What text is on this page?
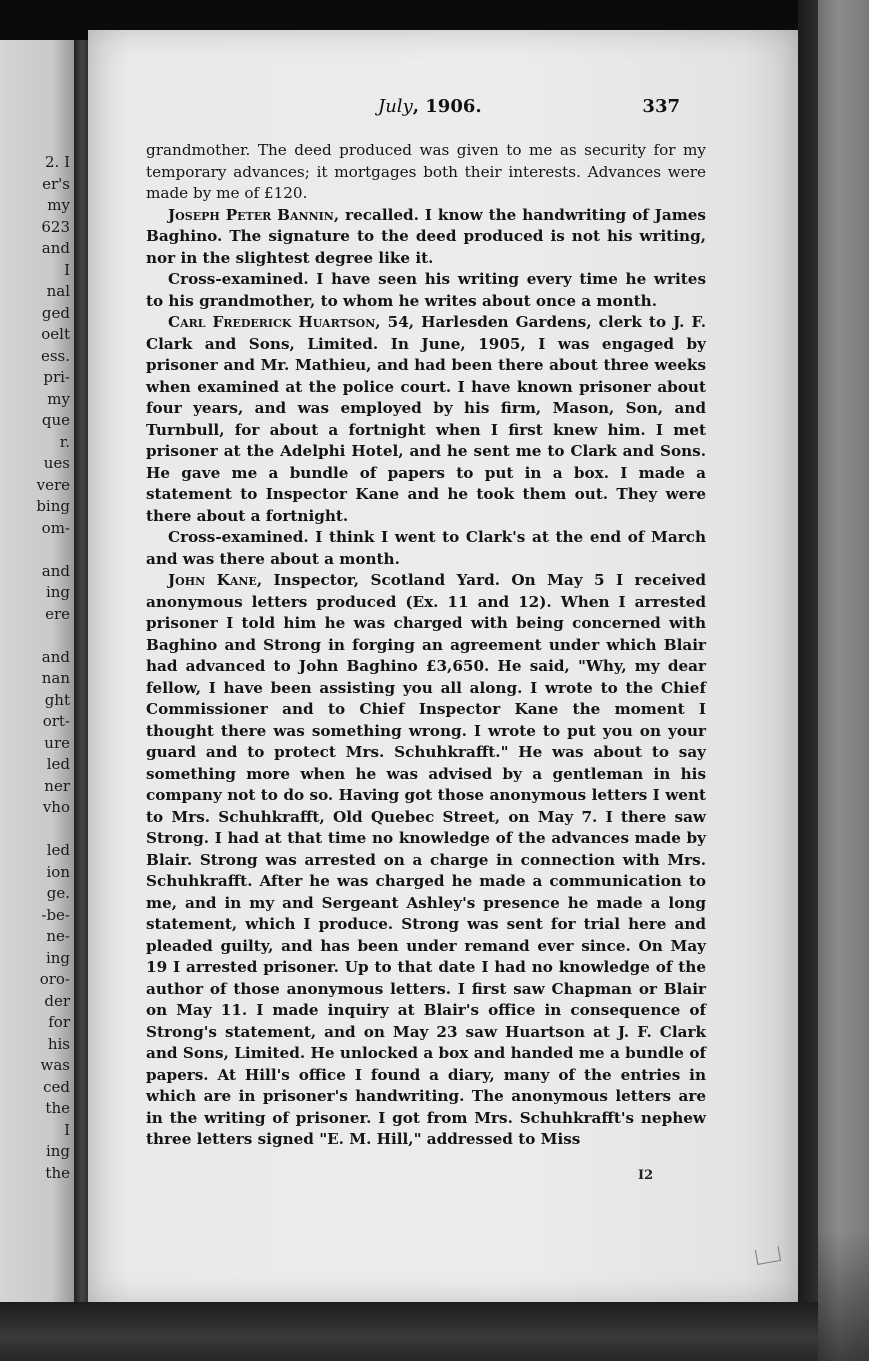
2. I
er's
my
623
and
I
nal
ged
oelt
ess.
pri-
my
que
r.
ues
vere
bing
om-
and
ing
ere
and
nan
ght
ort-
ure
led
ner
vho
led
ion
ge.
-be-
ne-
ing
oro-
der
for
his
was
ced
the
I
ing
the
July, 1906.	337

grandmother. The deed produced was given to me as security for my temporary advances; it mortgages both their interests. Advances were made by me of £120.

Joseph Peter Bannin, recalled. I know the handwriting of James Baghino. The signature to the deed produced is not his writing, nor in the slightest degree like it.

Cross-examined. I have seen his writing every time he writes to his grandmother, to whom he writes about once a month.

Carl Frederick Huartson, 54, Harlesden Gardens, clerk to J. F. Clark and Sons, Limited. In June, 1905, I was engaged by prisoner and Mr. Mathieu, and had been there about three weeks when examined at the police court. I have known prisoner about four years, and was employed by his firm, Mason, Son, and Turnbull, for about a fortnight when I first knew him. I met prisoner at the Adelphi Hotel, and he sent me to Clark and Sons. He gave me a bundle of papers to put in a box. I made a statement to Inspector Kane and he took them out. They were there about a fortnight.

Cross-examined. I think I went to Clark's at the end of March and was there about a month.

John Kane, Inspector, Scotland Yard. On May 5 I received anonymous letters produced (Ex. 11 and 12). When I arrested prisoner I told him he was charged with being concerned with Baghino and Strong in forging an agreement under which Blair had advanced to John Baghino £3,650. He said, "Why, my dear fellow, I have been assisting you all along. I wrote to the Chief Commissioner and to Chief Inspector Kane the moment I thought there was something wrong. I wrote to put you on your guard and to protect Mrs. Schuhkrafft." He was about to say something more when he was advised by a gentleman in his company not to do so. Having got those anonymous letters I went to Mrs. Schuhkrafft, Old Quebec Street, on May 7. I there saw Strong. I had at that time no knowledge of the advances made by Blair. Strong was arrested on a charge in connection with Mrs. Schuhkrafft. After he was charged he made a communication to me, and in my and Sergeant Ashley's presence he made a long statement, which I produce. Strong was sent for trial here and pleaded guilty, and has been under remand ever since. On May 19 I arrested prisoner. Up to that date I had no knowledge of the author of those anonymous letters. I first saw Chapman or Blair on May 11. I made inquiry at Blair's office in consequence of Strong's statement, and on May 23 saw Huartson at J. F. Clark and Sons, Limited. He unlocked a box and handed me a bundle of papers. At Hill's office I found a diary, many of the entries in which are in prisoner's handwriting. The anonymous letters are in the writing of prisoner. I got from Mrs. Schuhkrafft's nephew three letters signed "E. M. Hill," addressed to Miss

I2
